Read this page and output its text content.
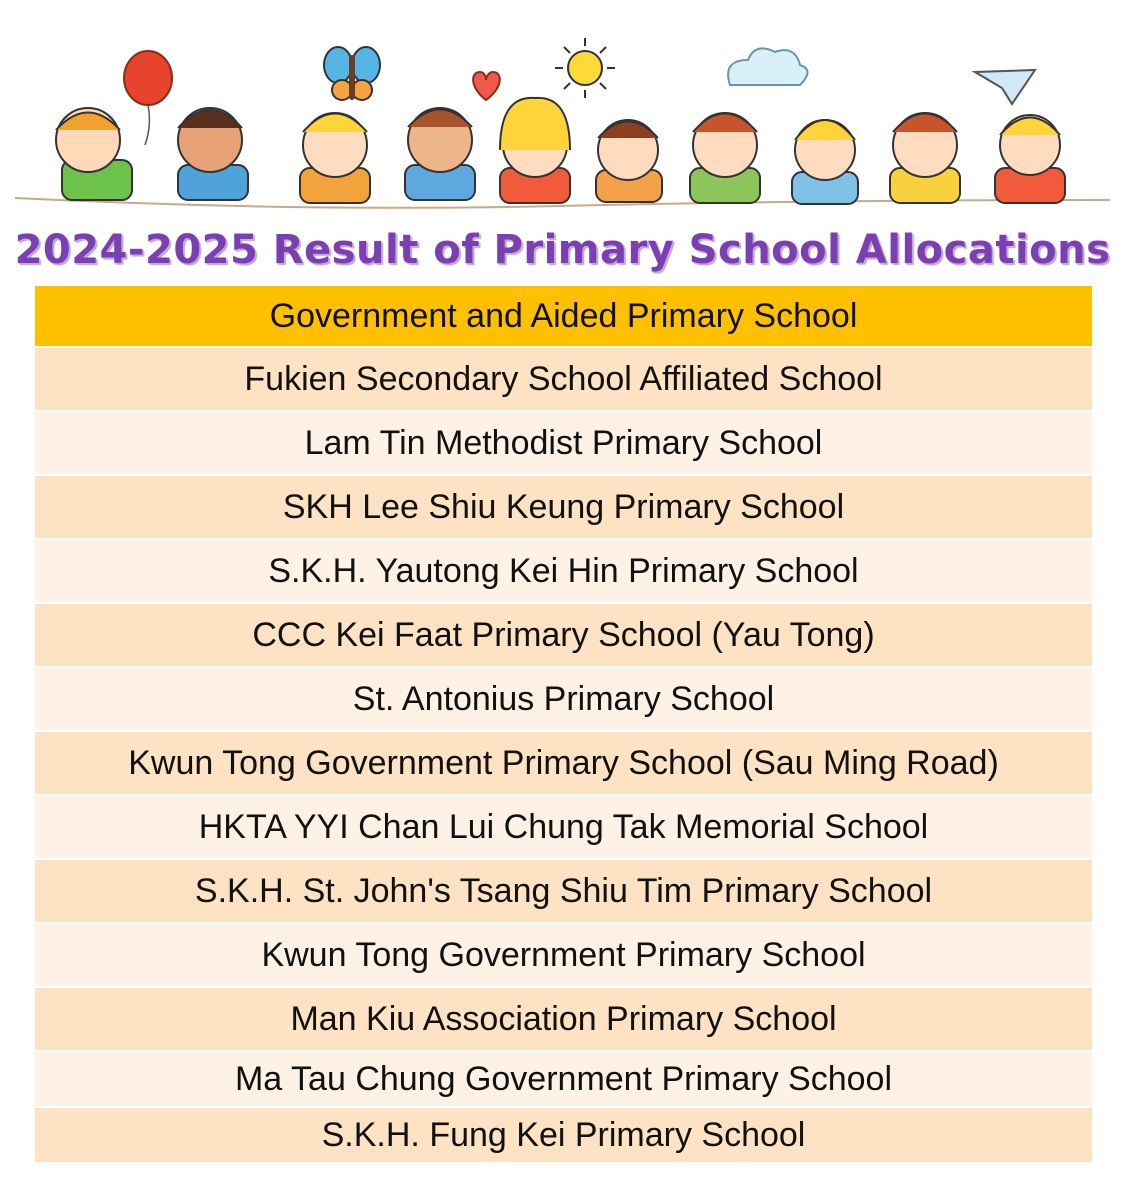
2024-2025 Result of Primary School Allocations
Government and Aided Primary School
Fukien Secondary School Affiliated School
Lam Tin Methodist Primary School
SKH Lee Shiu Keung Primary School
S.K.H. Yautong Kei Hin Primary School
CCC Kei Faat Primary School (Yau Tong)
St. Antonius Primary School
Kwun Tong Government Primary School (Sau Ming Road)
HKTA YYI Chan Lui Chung Tak Memorial School
S.K.H. St. John's Tsang Shiu Tim Primary School
Kwun Tong Government Primary School
Man Kiu Association Primary School
Ma Tau Chung Government Primary School
S.K.H. Fung Kei Primary School
